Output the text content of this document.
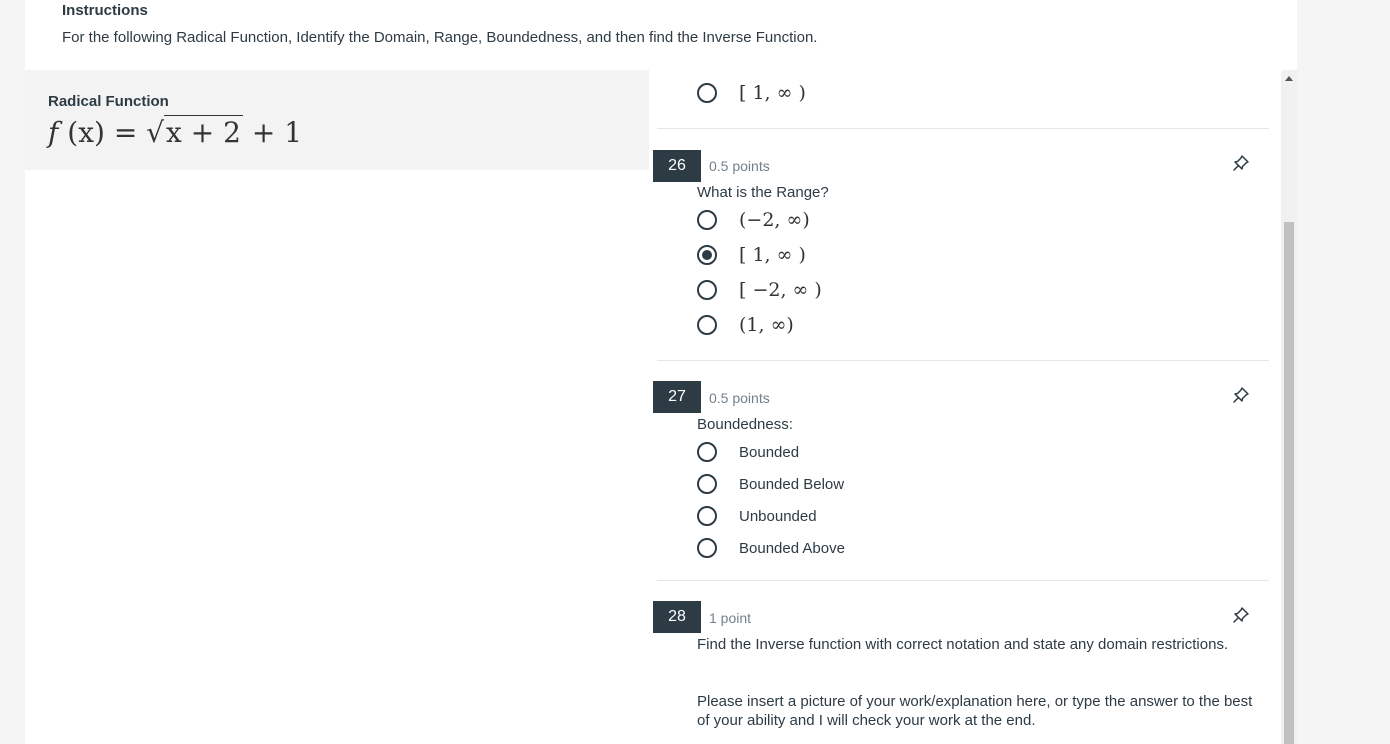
Instructions
For the following Radical Function, Identify the Domain, Range, Boundedness, and then find the Inverse Function.
Radical Function
f (x) = √x + 2 + 1
[ 1, ∞ )
26	0.5 points
What is the Range?
(−2, ∞)
[ 1, ∞ )
[ −2, ∞ )
(1, ∞)
27	0.5 points
Boundedness:
Bounded
Bounded Below
Unbounded
Bounded Above
28	1 point
Find the Inverse function with correct notation and state any domain restrictions.
Please insert a picture of your work/explanation here, or type the answer to the best of your ability and I will check your work at the end.
